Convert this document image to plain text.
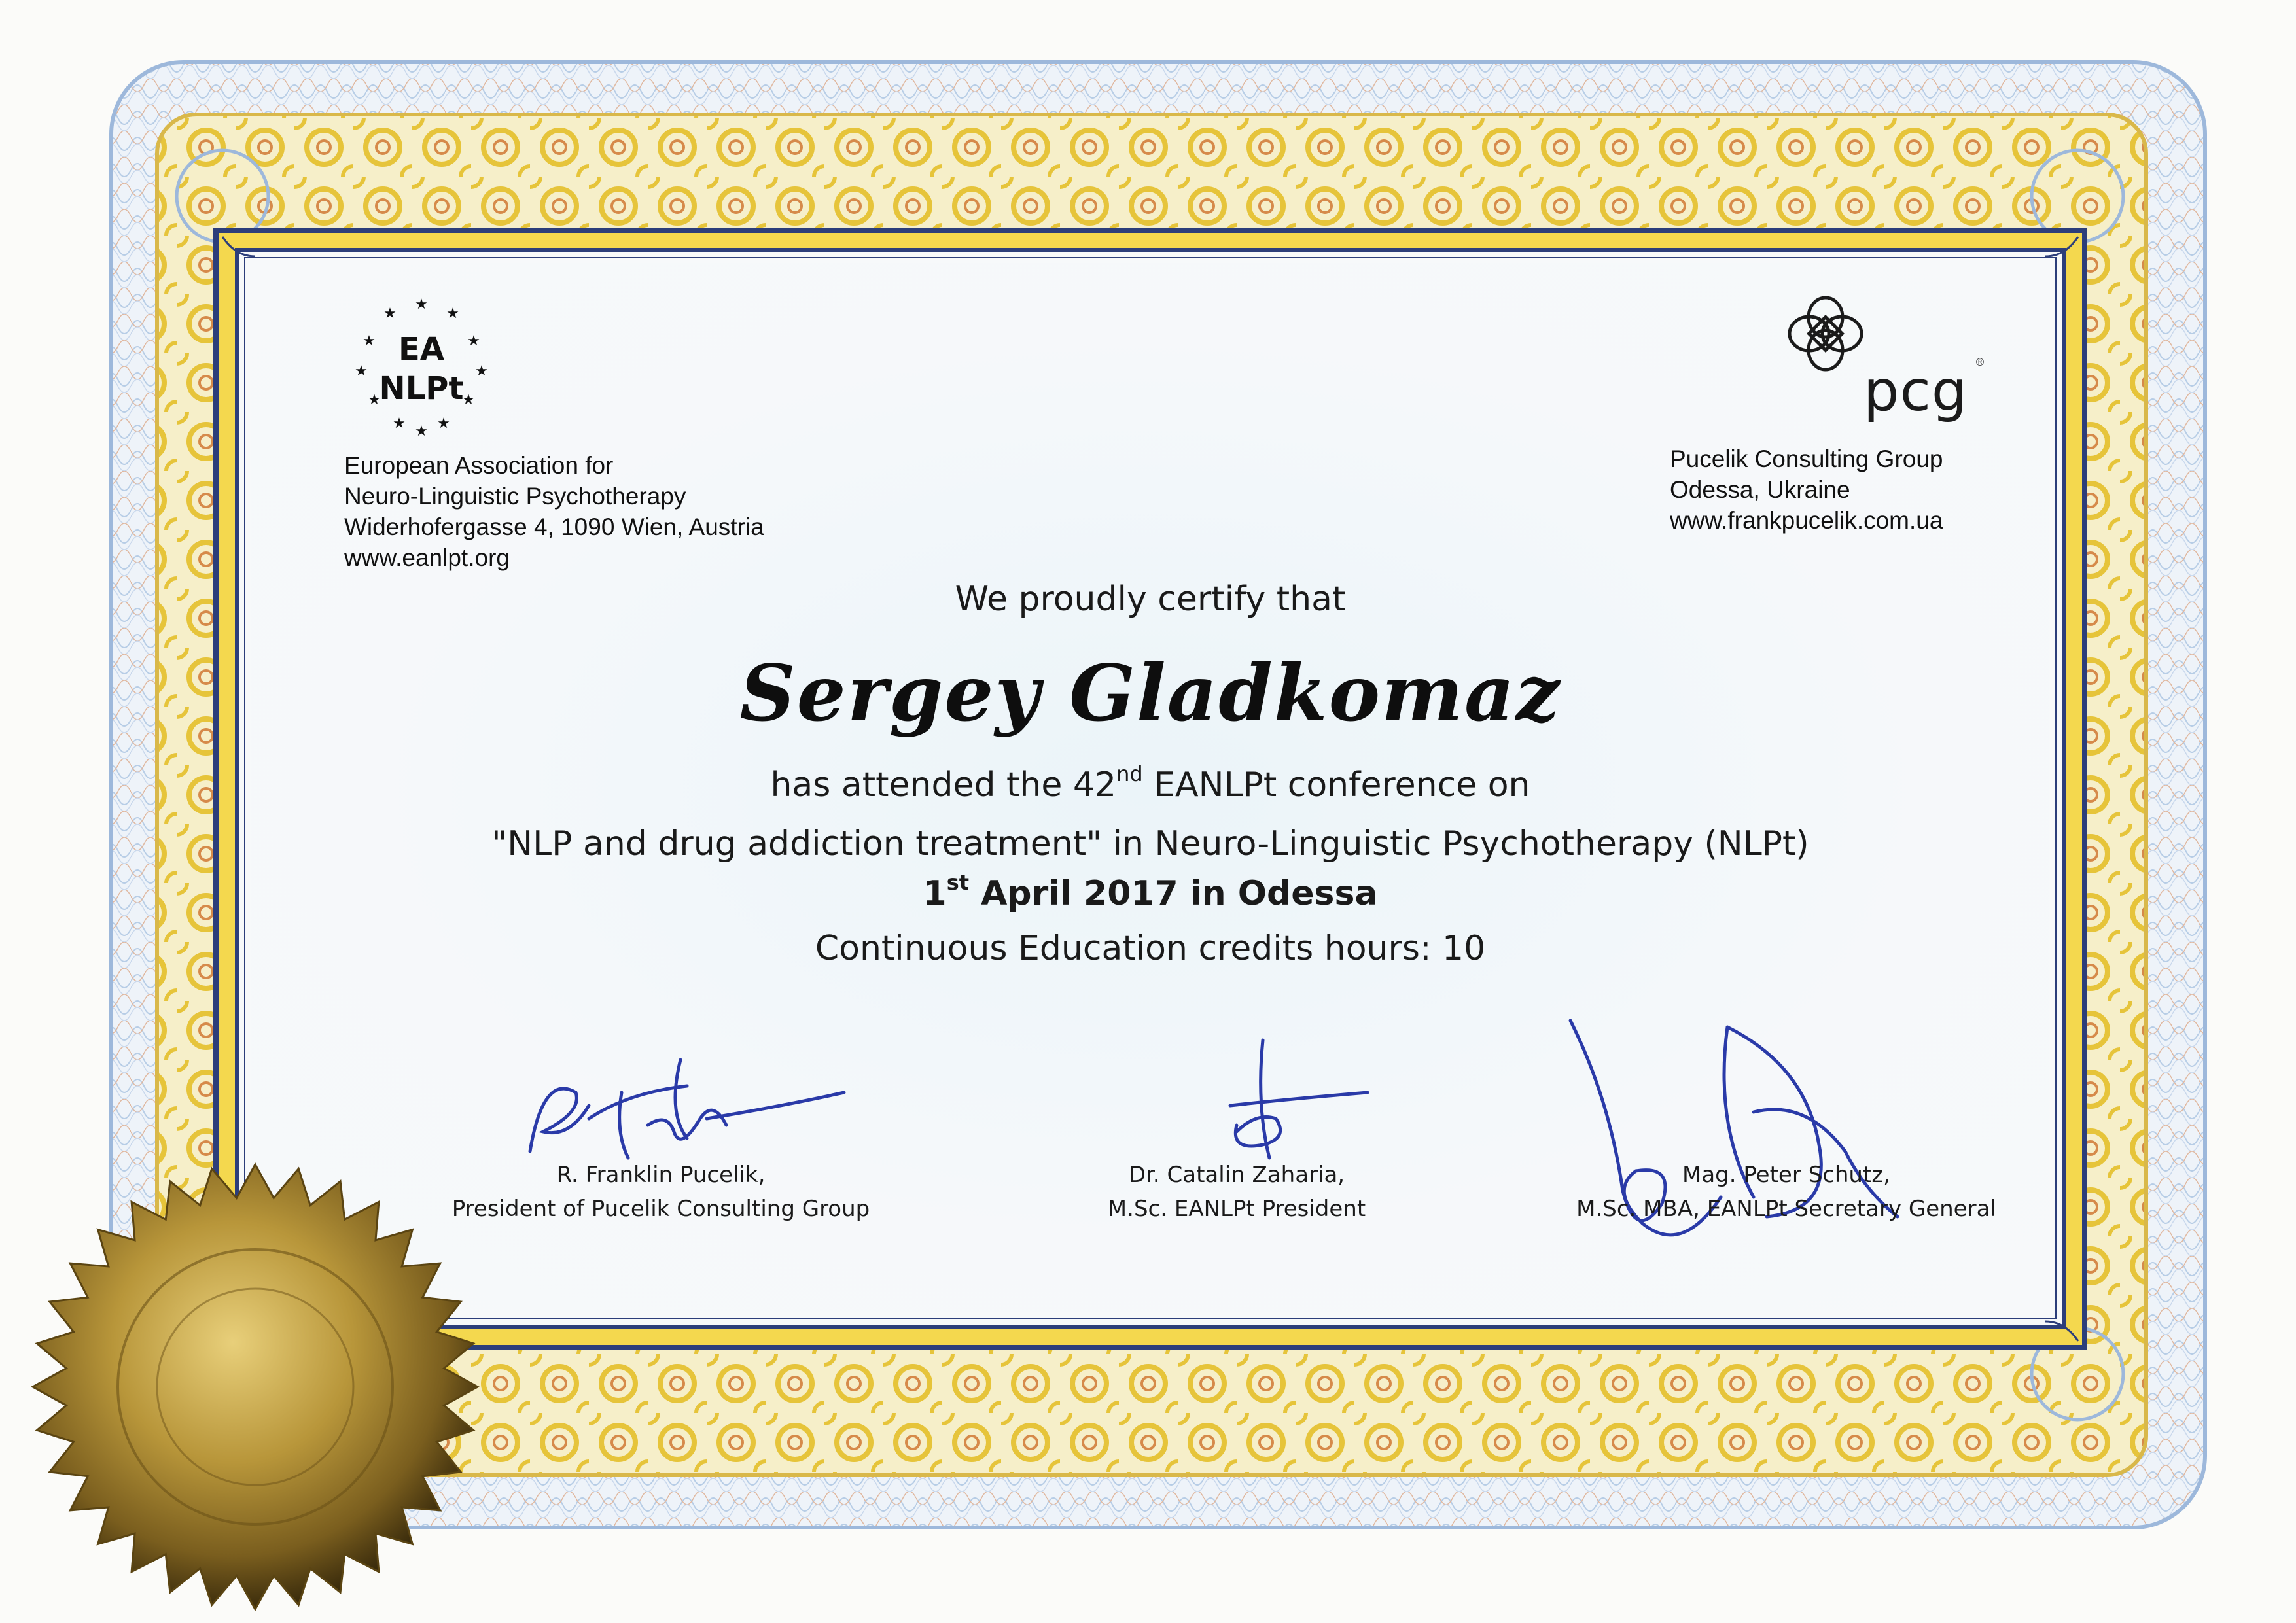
★
★	★
★	★
★	★
★	★
★ ★
★
EA
NLPt
European Association for
Neuro-Linguistic Psychotherapy
Widerhofergasse 4, 1090 Wien, Austria
www.eanlpt.org
pcg ®
Pucelik Consulting Group
Odessa, Ukraine
www.frankpucelik.com.ua
We proudly certify that
Sergey Gladkomaz
has attended the 42nd EANLPt conference on
"NLP and drug addiction treatment" in Neuro-Linguistic Psychotherapy (NLPt)
1st April 2017 in Odessa
Continuous Education credits hours: 10
R. Franklin Pucelik,
President of Pucelik Consulting Group
Dr. Catalin Zaharia,
M.Sc. EANLPt President
Mag. Peter Schutz,
M.Sc. MBA, EANLPt Secretary General
